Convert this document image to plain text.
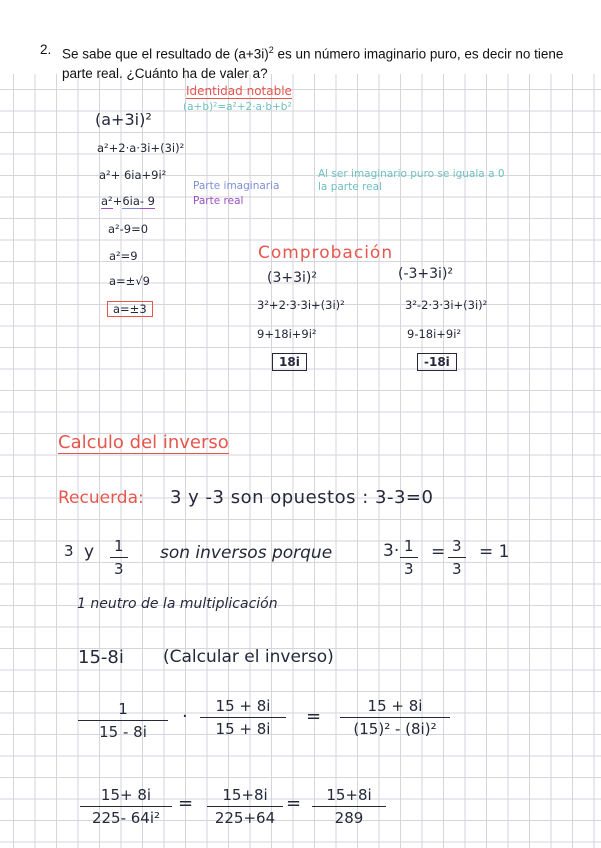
2. Se sabe que el resultado de $(a+3i)^2$ es un número imaginario puro, es decir no tiene parte real. ¿Cuánto ha de valer a?
Identidad notable
(a+b)²=a²+2·a·b+b²
(a+3i)²
a²+2·a·3i+(3i)²
a²+ 6ia+9i²
a²+6ia- 9
Parte imaginaria
Parte real
Al ser imaginario puro se iguala a 0
la parte real
a²-9=0
a²=9
a=±√9
a=±3
Comprobación
(3+3i)²
3²+2·3·3i+(3i)²
9+18i+9i²
18i
(-3+3i)²
3²-2·3·3i+(3i)²
9-18i+9i²
-18i
Calculo del inverso
Recuerda: 3 y -3 son opuestos : 3-3=0
3 y $\frac{1}{3}$ son inversos porque	$3\cdot \frac{1}{3} = \frac{3}{3} = 1$
1 neutro de la multiplicación
15-8i (Calcular el inverso)
$\frac{1}{15 - 8i} \cdot \frac{15 + 8i}{15 + 8i} = \frac{15 + 8i}{\text{(15)² - (8i)²}}$
$\frac{15+ 8i}{\text{225- 64i²}} = \frac{15+8i}{225+64} = \frac{15+8i}{289}$
